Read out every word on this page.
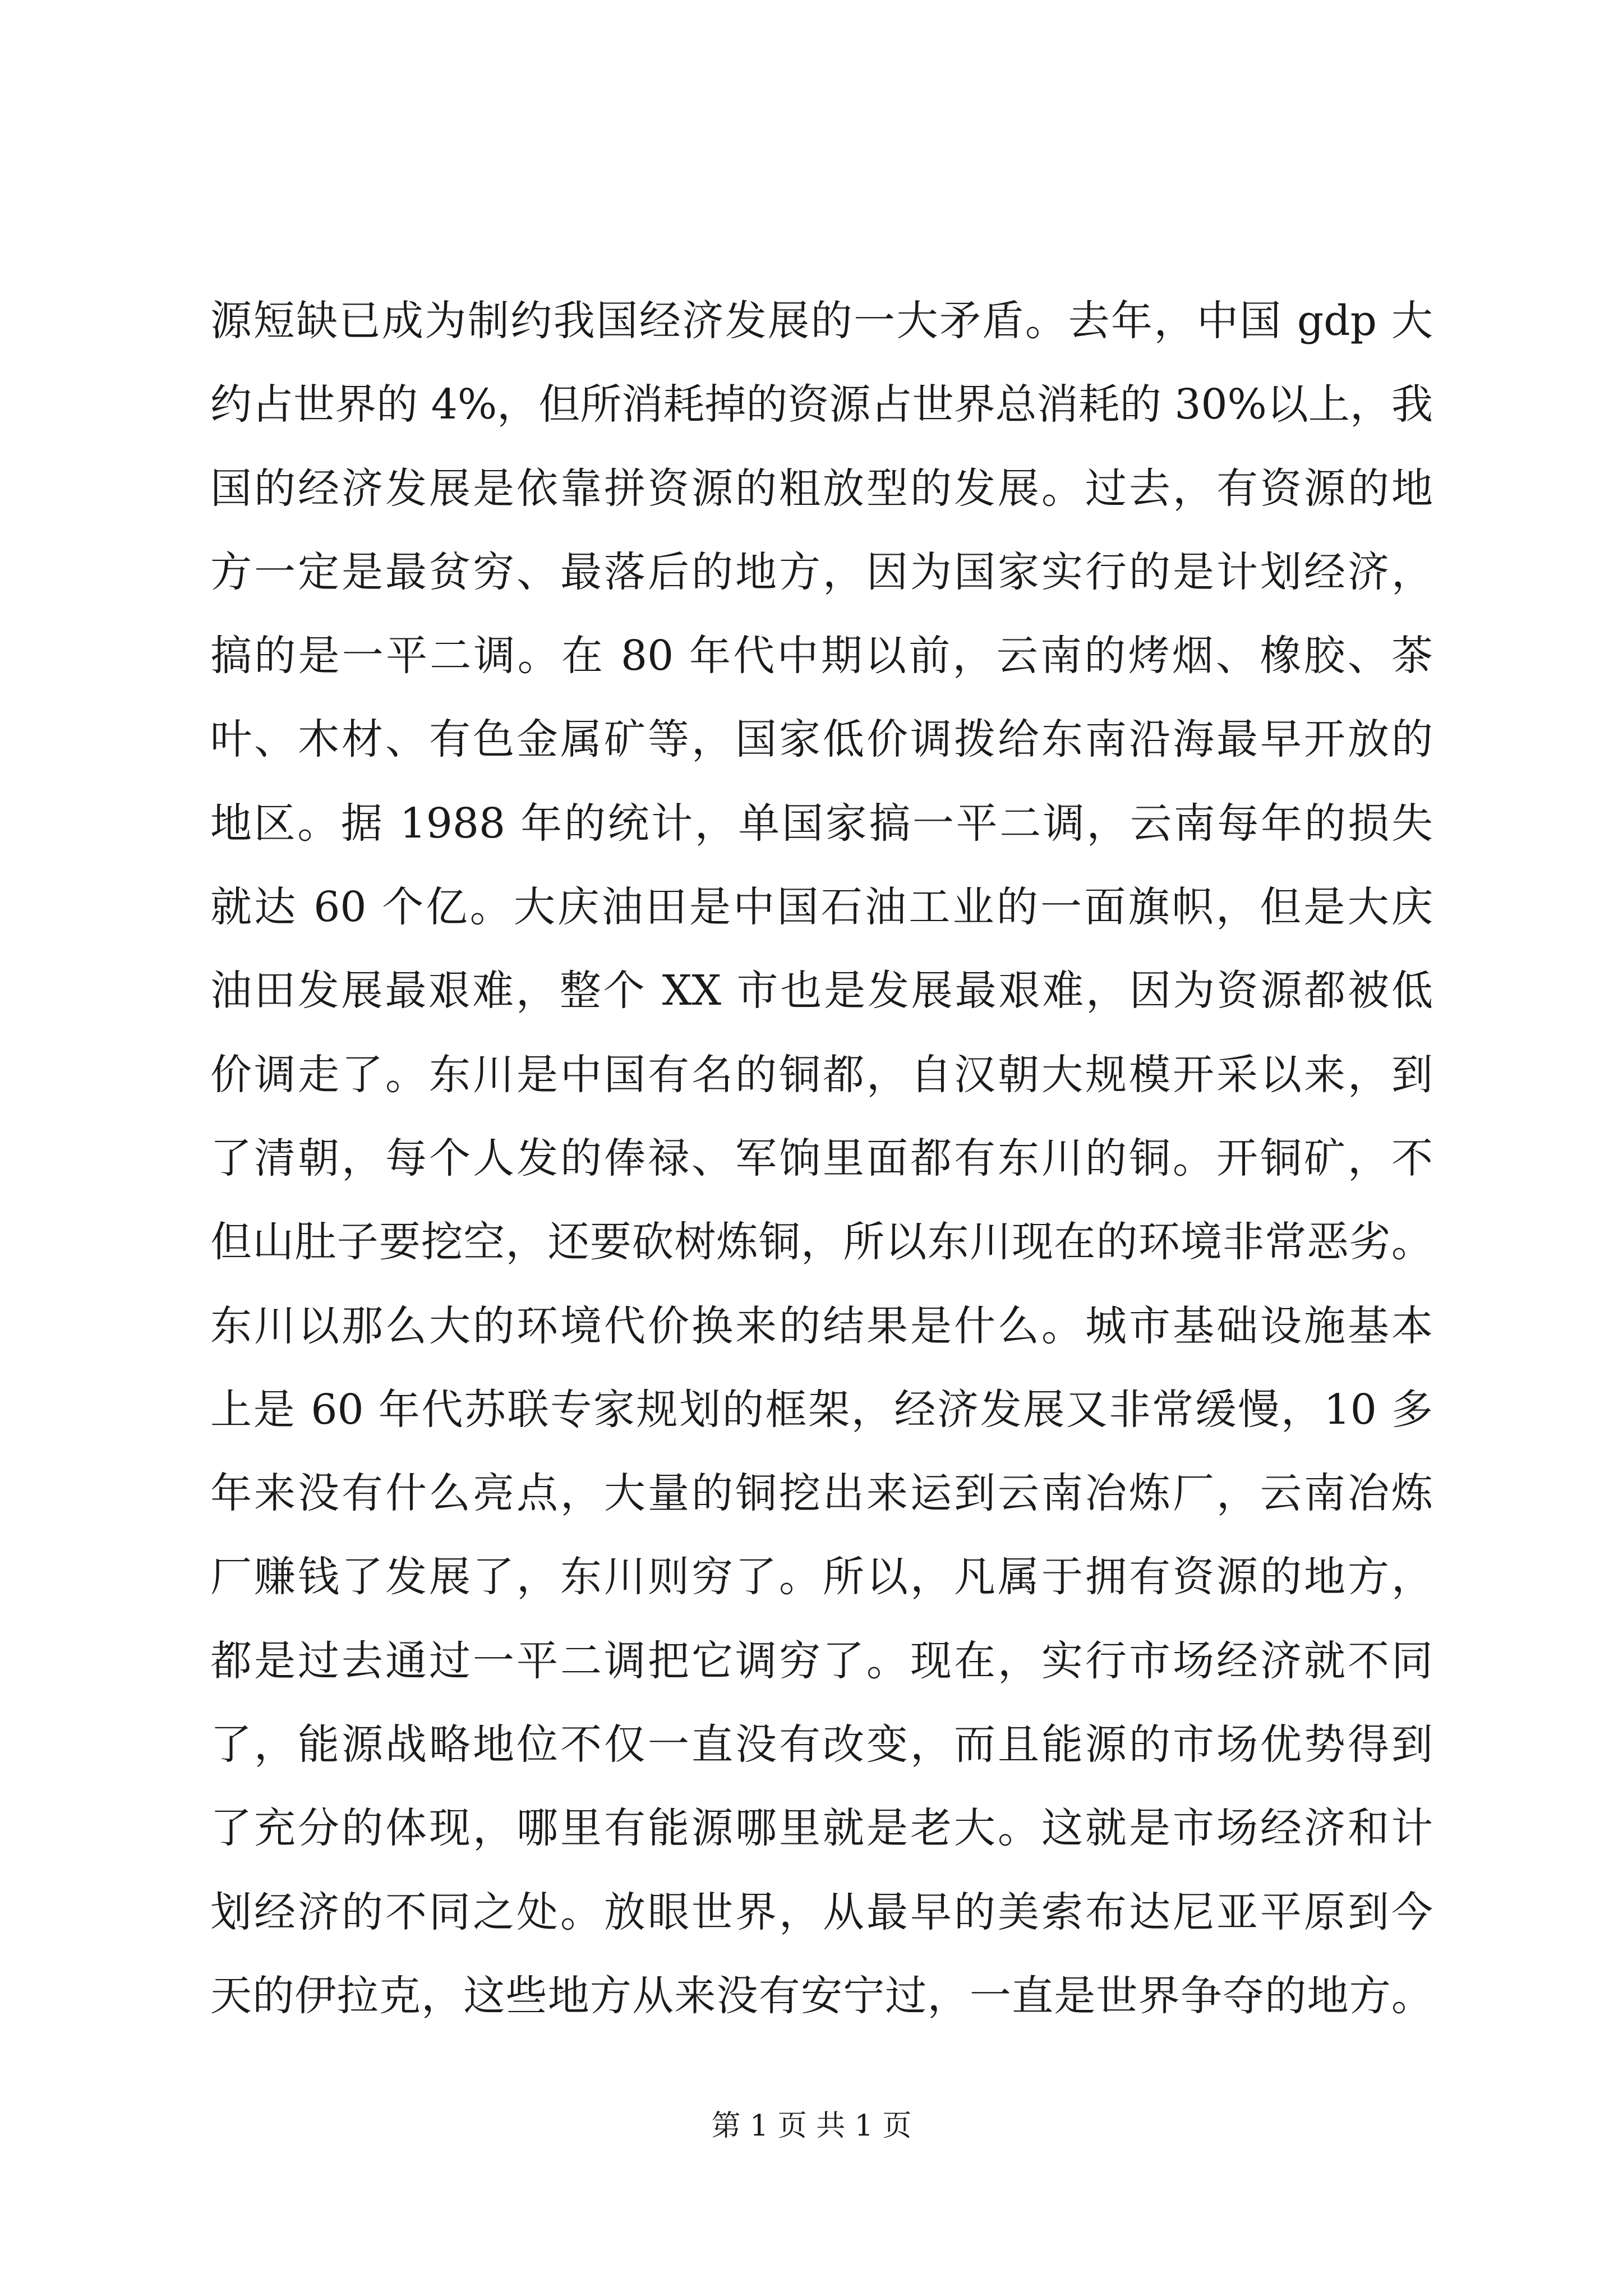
源短缺已成为制约我国经济发展的一大矛盾。去年，中国 gdp 大
约占世界的 4%，但所消耗掉的资源占世界总消耗的 30%以上，我
国的经济发展是依靠拼资源的粗放型的发展。过去，有资源的地
方一定是最贫穷、最落后的地方，因为国家实行的是计划经济，
搞的是一平二调。在 80 年代中期以前，云南的烤烟、橡胶、茶
叶、木材、有色金属矿等，国家低价调拨给东南沿海最早开放的
地区。据 1988 年的统计，单国家搞一平二调，云南每年的损失
就达 60 个亿。大庆油田是中国石油工业的一面旗帜，但是大庆
油田发展最艰难，整个 XX 市也是发展最艰难，因为资源都被低
价调走了。东川是中国有名的铜都，自汉朝大规模开采以来，到
了清朝，每个人发的俸禄、军饷里面都有东川的铜。开铜矿，不
但山肚子要挖空，还要砍树炼铜，所以东川现在的环境非常恶劣。
东川以那么大的环境代价换来的结果是什么。城市基础设施基本
上是 60 年代苏联专家规划的框架，经济发展又非常缓慢，10 多
年来没有什么亮点，大量的铜挖出来运到云南冶炼厂，云南冶炼
厂赚钱了发展了，东川则穷了。所以，凡属于拥有资源的地方，
都是过去通过一平二调把它调穷了。现在，实行市场经济就不同
了，能源战略地位不仅一直没有改变，而且能源的市场优势得到
了充分的体现，哪里有能源哪里就是老大。这就是市场经济和计
划经济的不同之处。放眼世界，从最早的美索布达尼亚平原到今
天的伊拉克，这些地方从来没有安宁过，一直是世界争夺的地方。
第 1 页 共 1 页
